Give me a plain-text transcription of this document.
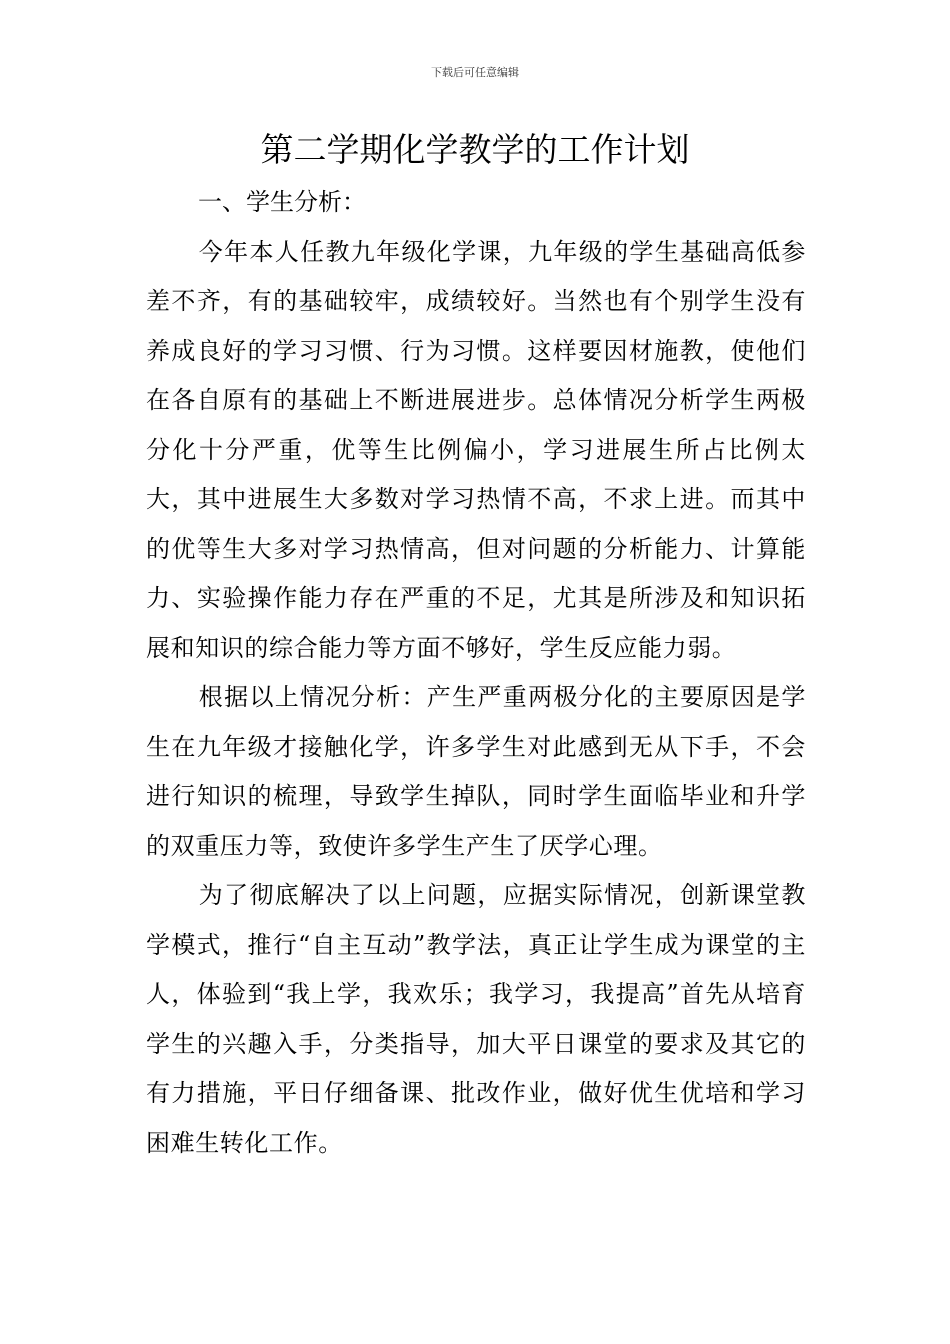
下载后可任意编辑
第二学期化学教学的工作计划

一、学生分析：

今年本人任教九年级化学课，九年级的学生基础高低参差不齐，有的基础较牢，成绩较好。当然也有个别学生没有养成良好的学习习惯、行为习惯。这样要因材施教，使他们在各自原有的基础上不断进展进步。总体情况分析学生两极分化十分严重，优等生比例偏小，学习进展生所占比例太大，其中进展生大多数对学习热情不高，不求上进。而其中的优等生大多对学习热情高，但对问题的分析能力、计算能力、实验操作能力存在严重的不足，尤其是所涉及和知识拓展和知识的综合能力等方面不够好，学生反应能力弱。

根据以上情况分析：产生严重两极分化的主要原因是学生在九年级才接触化学，许多学生对此感到无从下手，不会进行知识的梳理，导致学生掉队，同时学生面临毕业和升学的双重压力等，致使许多学生产生了厌学心理。

为了彻底解决了以上问题，应据实际情况，创新课堂教学模式，推行“自主互动”教学法，真正让学生成为课堂的主人，体验到“我上学，我欢乐；我学习，我提高”首先从培育学生的兴趣入手，分类指导，加大平日课堂的要求及其它的有力措施，平日仔细备课、批改作业，做好优生优培和学习困难生转化工作。
